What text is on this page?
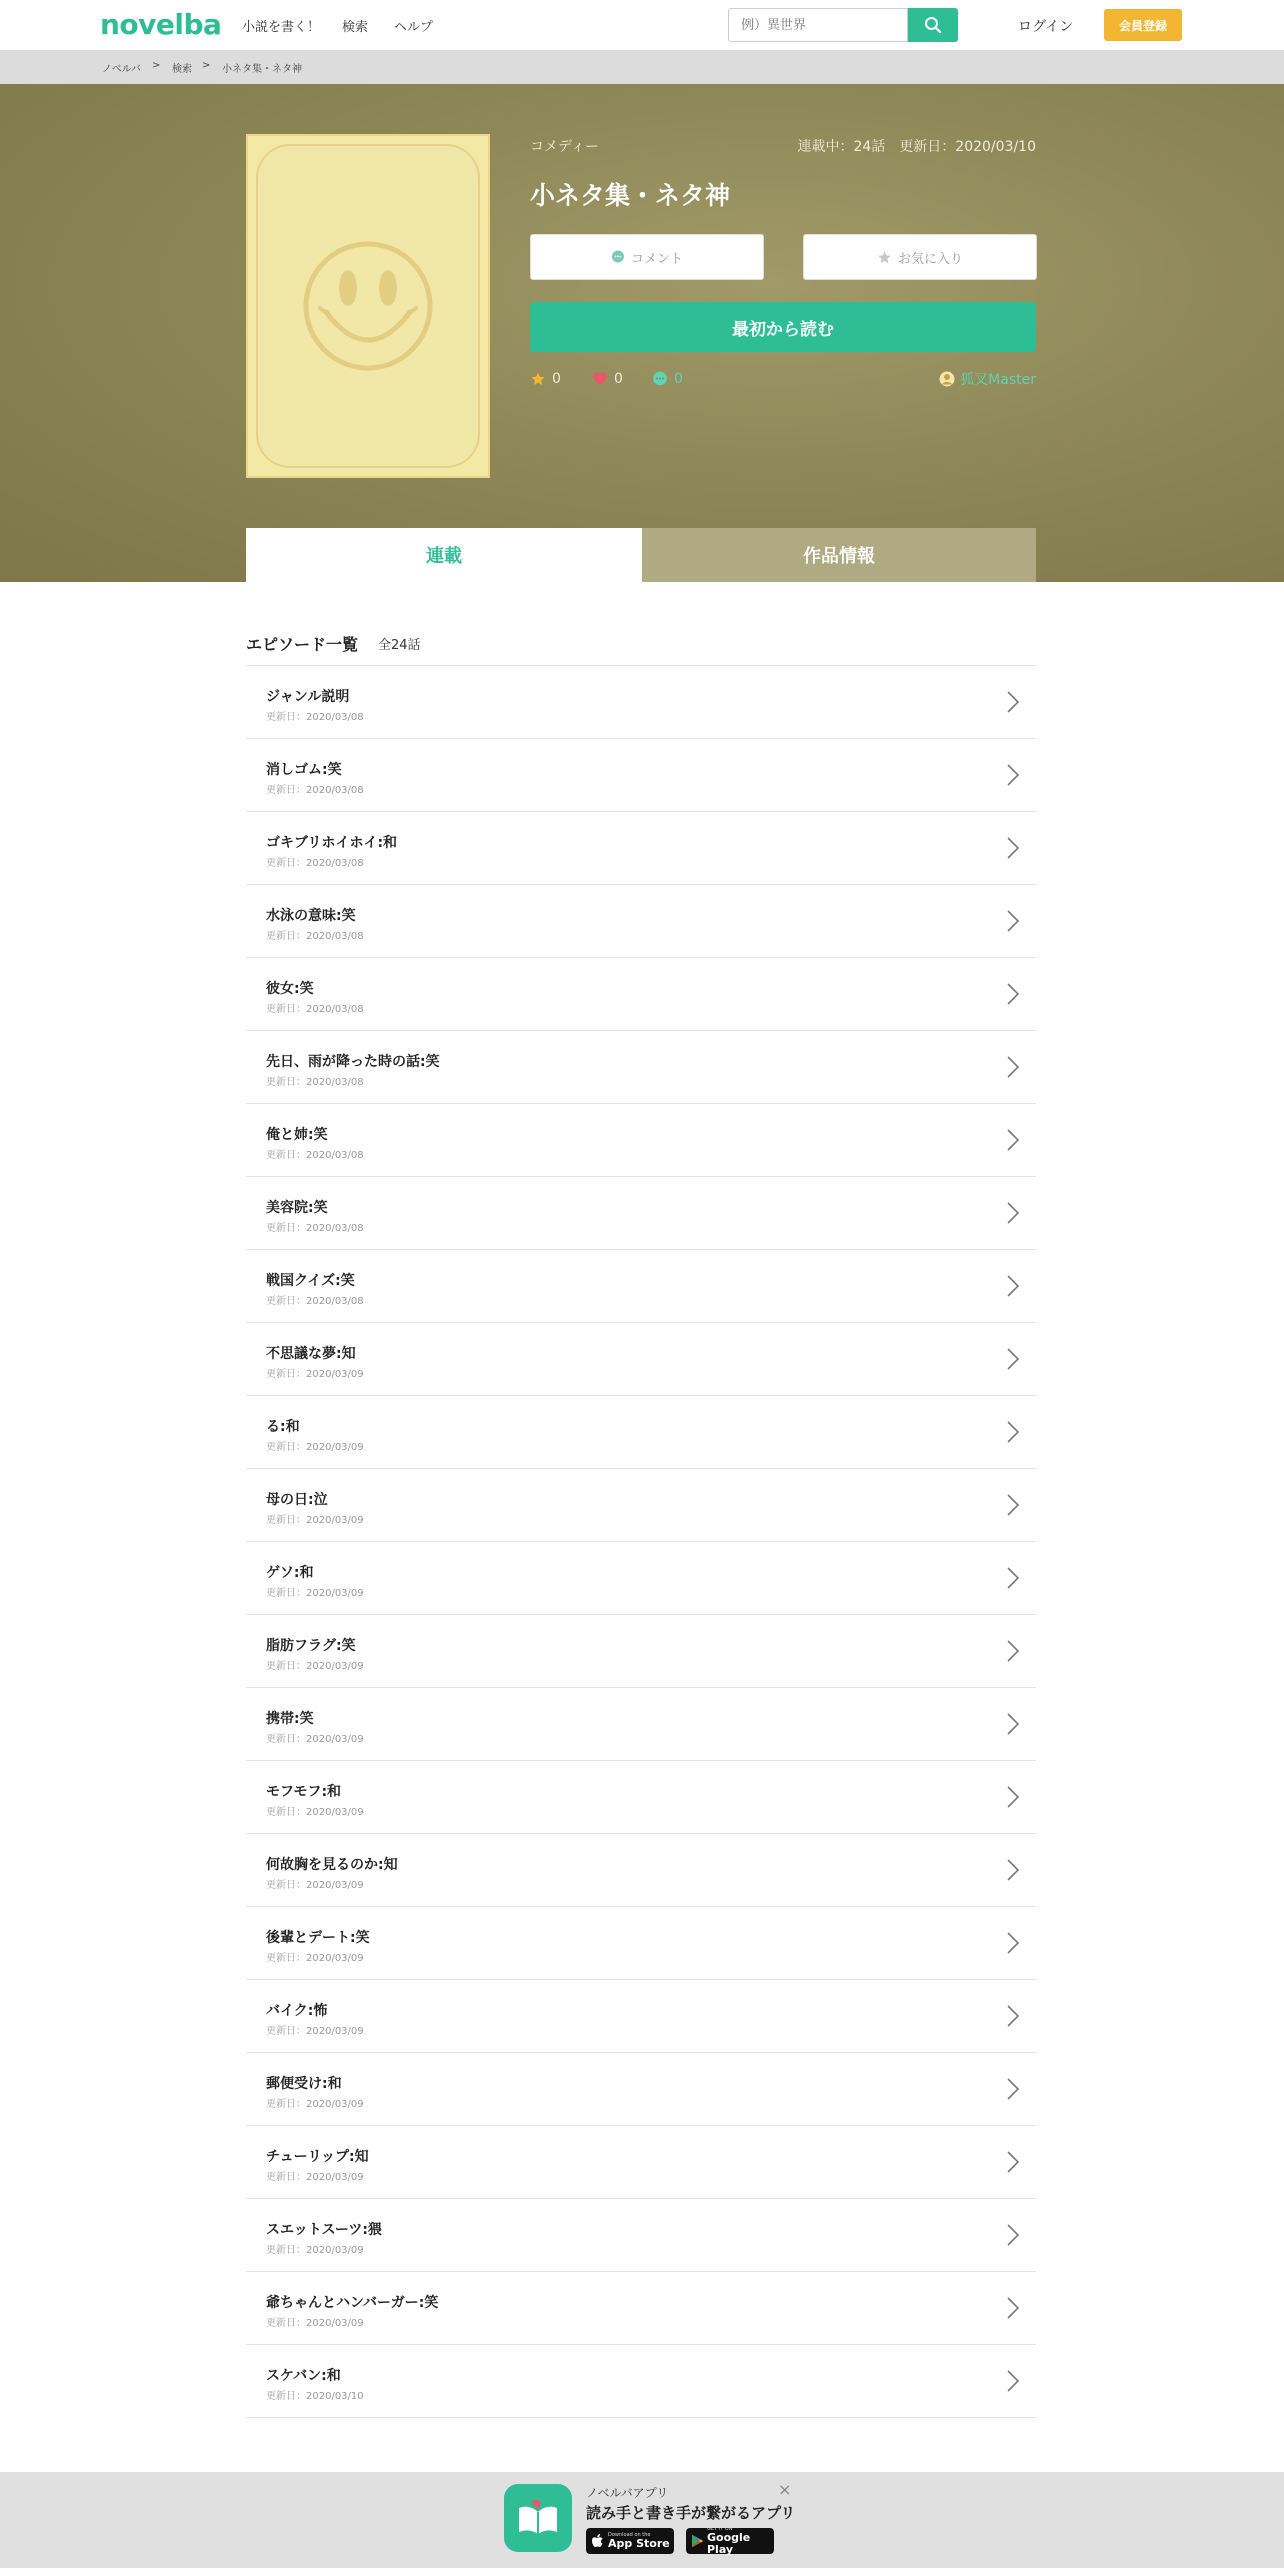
novelba 小説を書く！ 検索 ヘルプ
例）異世界	ログイン	会員登録
ノベルバ > 検索 > 小ネタ集・ネタ神
コメディー	連載中：24話　更新日：2020/03/10
小ネタ集・ネタ神
コメント	お気に入り
最初から読む
0	0	0	狐叉Master
連載	作品情報
エピソード一覧 全24話
ジャンル説明
更新日：2020/03/08
消しゴム:笑
更新日：2020/03/08
ゴキブリホイホイ:和
更新日：2020/03/08
水泳の意味:笑
更新日：2020/03/08
彼女:笑
更新日：2020/03/08
先日、雨が降った時の話:笑
更新日：2020/03/08
俺と姉:笑
更新日：2020/03/08
美容院:笑
更新日：2020/03/08
戦国クイズ:笑
更新日：2020/03/08
不思議な夢:知
更新日：2020/03/09
る:和
更新日：2020/03/09
母の日:泣
更新日：2020/03/09
ゲソ:和
更新日：2020/03/09
脂肪フラグ:笑
更新日：2020/03/09
携帯:笑
更新日：2020/03/09
モフモフ:和
更新日：2020/03/09
何故胸を見るのか:知
更新日：2020/03/09
後輩とデート:笑
更新日：2020/03/09
バイク:怖
更新日：2020/03/09
郵便受け:和
更新日：2020/03/09
チューリップ:知
更新日：2020/03/09
スエットスーツ:猥
更新日：2020/03/09
爺ちゃんとハンバーガー:笑
更新日：2020/03/09
スケバン:和
更新日：2020/03/10
ノベルバアプリ
読み手と書き手が繋がるアプリ
Download on the
App Store
GET IT ON
Google Play
×
